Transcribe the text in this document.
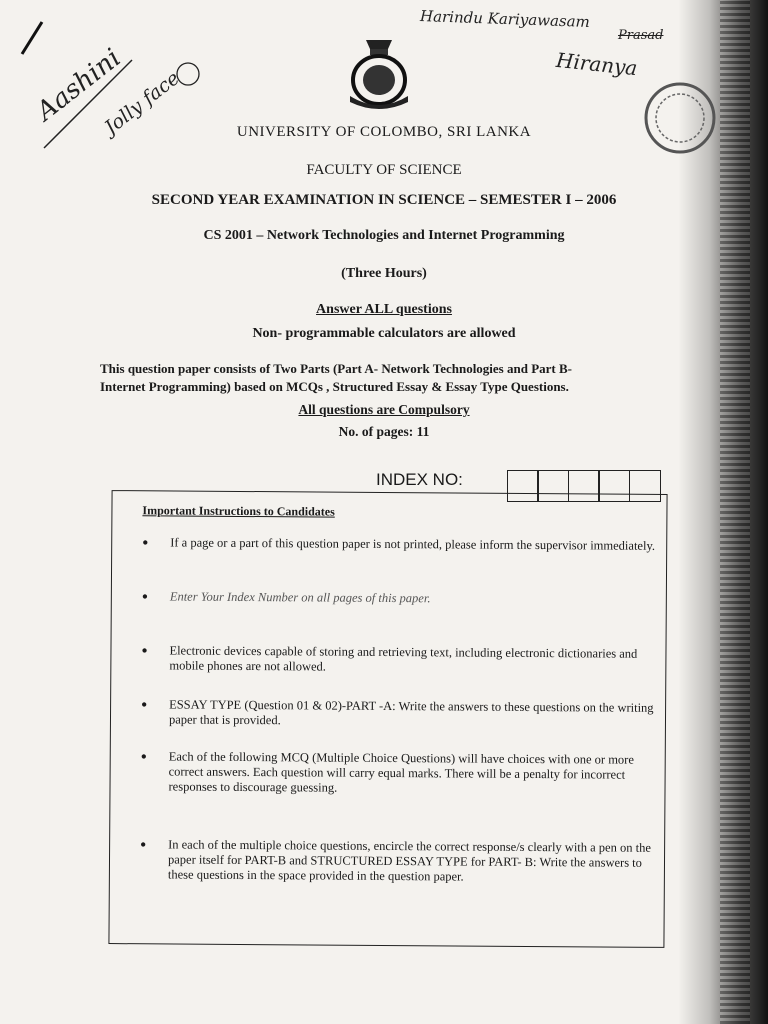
Aashini
Jolly face
Harindu Kariyawasam
Prasad
Hiranya
UNIVERSITY OF COLOMBO, SRI LANKA
FACULTY OF SCIENCE
SECOND YEAR EXAMINATION IN SCIENCE – SEMESTER I – 2006
CS 2001 – Network Technologies and Internet Programming
(Three Hours)
Answer ALL questions
Non- programmable calculators are allowed
This question paper consists of Two Parts (Part A- Network Technologies and Part B-
Internet Programming) based on MCQs , Structured Essay & Essay Type Questions.
All questions are Compulsory
No. of pages: 11
INDEX NO:
Important Instructions to Candidates
● If a page or a part of this question paper is not printed, please inform the supervisor immediately.
● Enter Your Index Number on all pages of this paper.
● Electronic devices capable of storing and retrieving text, including electronic dictionaries and mobile phones are not allowed.
● ESSAY TYPE (Question 01 & 02)-PART -A: Write the answers to these questions on the writing paper that is provided.
● Each of the following MCQ (Multiple Choice Questions) will have choices with one or more correct answers. Each question will carry equal marks. There will be a penalty for incorrect responses to discourage guessing.
● In each of the multiple choice questions, encircle the correct response/s clearly with a pen on the paper itself for PART-B and STRUCTURED ESSAY TYPE for PART- B: Write the answers to these questions in the space provided in the question paper.
